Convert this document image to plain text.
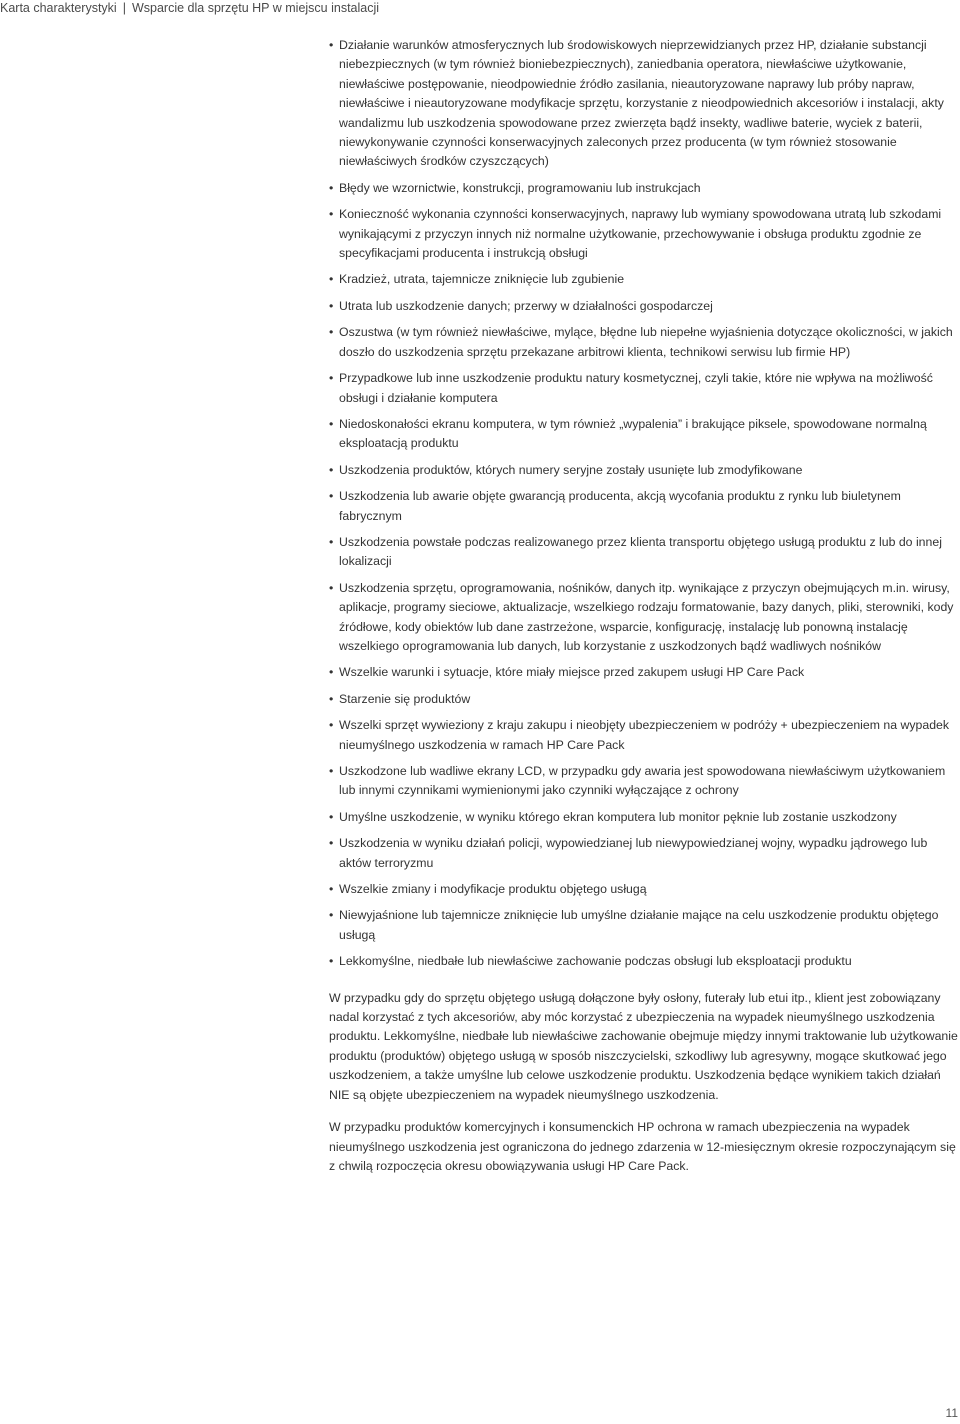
Karta charakterystyki | Wsparcie dla sprzętu HP w miejscu instalacji
• Działanie warunków atmosferycznych lub środowiskowych nieprzewidzianych przez HP, działanie substancji niebezpiecznych (w tym również bioniebezpiecznych), zaniedbania operatora, niewłaściwe użytkowanie, niewłaściwe postępowanie, nieodpowiednie źródło zasilania, nieautoryzowane naprawy lub próby napraw, niewłaściwe i nieautoryzowane modyfikacje sprzętu, korzystanie z nieodpowiednich akcesoriów i instalacji, akty wandalizmu lub uszkodzenia spowodowane przez zwierzęta bądź insekty, wadliwe baterie, wyciek z baterii, niewykonywanie czynności konserwacyjnych zaleconych przez producenta (w tym również stosowanie niewłaściwych środków czyszczących)
• Błędy we wzornictwie, konstrukcji, programowaniu lub instrukcjach
• Konieczność wykonania czynności konserwacyjnych, naprawy lub wymiany spowodowana utratą lub szkodami wynikającymi z przyczyn innych niż normalne użytkowanie, przechowywanie i obsługa produktu zgodnie ze specyfikacjami producenta i instrukcją obsługi
• Kradzież, utrata, tajemnicze zniknięcie lub zgubienie
• Utrata lub uszkodzenie danych; przerwy w działalności gospodarczej
• Oszustwa (w tym również niewłaściwe, mylące, błędne lub niepełne wyjaśnienia dotyczące okoliczności, w jakich doszło do uszkodzenia sprzętu przekazane arbitrowi klienta, technikowi serwisu lub firmie HP)
• Przypadkowe lub inne uszkodzenie produktu natury kosmetycznej, czyli takie, które nie wpływa na możliwość obsługi i działanie komputera
• Niedoskonałości ekranu komputera, w tym również „wypalenia” i brakujące piksele, spowodowane normalną eksploatacją produktu
• Uszkodzenia produktów, których numery seryjne zostały usunięte lub zmodyfikowane
• Uszkodzenia lub awarie objęte gwarancją producenta, akcją wycofania produktu z rynku lub biuletynem fabrycznym
• Uszkodzenia powstałe podczas realizowanego przez klienta transportu objętego usługą produktu z lub do innej lokalizacji
• Uszkodzenia sprzętu, oprogramowania, nośników, danych itp. wynikające z przyczyn obejmujących m.in. wirusy, aplikacje, programy sieciowe, aktualizacje, wszelkiego rodzaju formatowanie, bazy danych, pliki, sterowniki, kody źródłowe, kody obiektów lub dane zastrzeżone, wsparcie, konfigurację, instalację lub ponowną instalację wszelkiego oprogramowania lub danych, lub korzystanie z uszkodzonych bądź wadliwych nośników
• Wszelkie warunki i sytuacje, które miały miejsce przed zakupem usługi HP Care Pack
• Starzenie się produktów
• Wszelki sprzęt wywieziony z kraju zakupu i nieobjęty ubezpieczeniem w podróży + ubezpieczeniem na wypadek nieumyślnego uszkodzenia w ramach HP Care Pack
• Uszkodzone lub wadliwe ekrany LCD, w przypadku gdy awaria jest spowodowana niewłaściwym użytkowaniem lub innymi czynnikami wymienionymi jako czynniki wyłączające z ochrony
• Umyślne uszkodzenie, w wyniku którego ekran komputera lub monitor pęknie lub zostanie uszkodzony
• Uszkodzenia w wyniku działań policji, wypowiedzianej lub niewypowiedzianej wojny, wypadku jądrowego lub aktów terroryzmu
• Wszelkie zmiany i modyfikacje produktu objętego usługą
• Niewyjaśnione lub tajemnicze zniknięcie lub umyślne działanie mające na celu uszkodzenie produktu objętego usługą
• Lekkomyślne, niedbałe lub niewłaściwe zachowanie podczas obsługi lub eksploatacji produktu

W przypadku gdy do sprzętu objętego usługą dołączone były osłony, futerały lub etui itp., klient jest zobowiązany nadal korzystać z tych akcesoriów, aby móc korzystać z ubezpieczenia na wypadek nieumyślnego uszkodzenia produktu. Lekkomyślne, niedbałe lub niewłaściwe zachowanie obejmuje między innymi traktowanie lub użytkowanie produktu (produktów) objętego usługą w sposób niszczycielski, szkodliwy lub agresywny, mogące skutkować jego uszkodzeniem, a także umyślne lub celowe uszkodzenie produktu. Uszkodzenia będące wynikiem takich działań NIE są objęte ubezpieczeniem na wypadek nieumyślnego uszkodzenia.

W przypadku produktów komercyjnych i konsumenckich HP ochrona w ramach ubezpieczenia na wypadek nieumyślnego uszkodzenia jest ograniczona do jednego zdarzenia w 12-miesięcznym okresie rozpoczynającym się z chwilą rozpoczęcia okresu obowiązywania usługi HP Care Pack.

11
